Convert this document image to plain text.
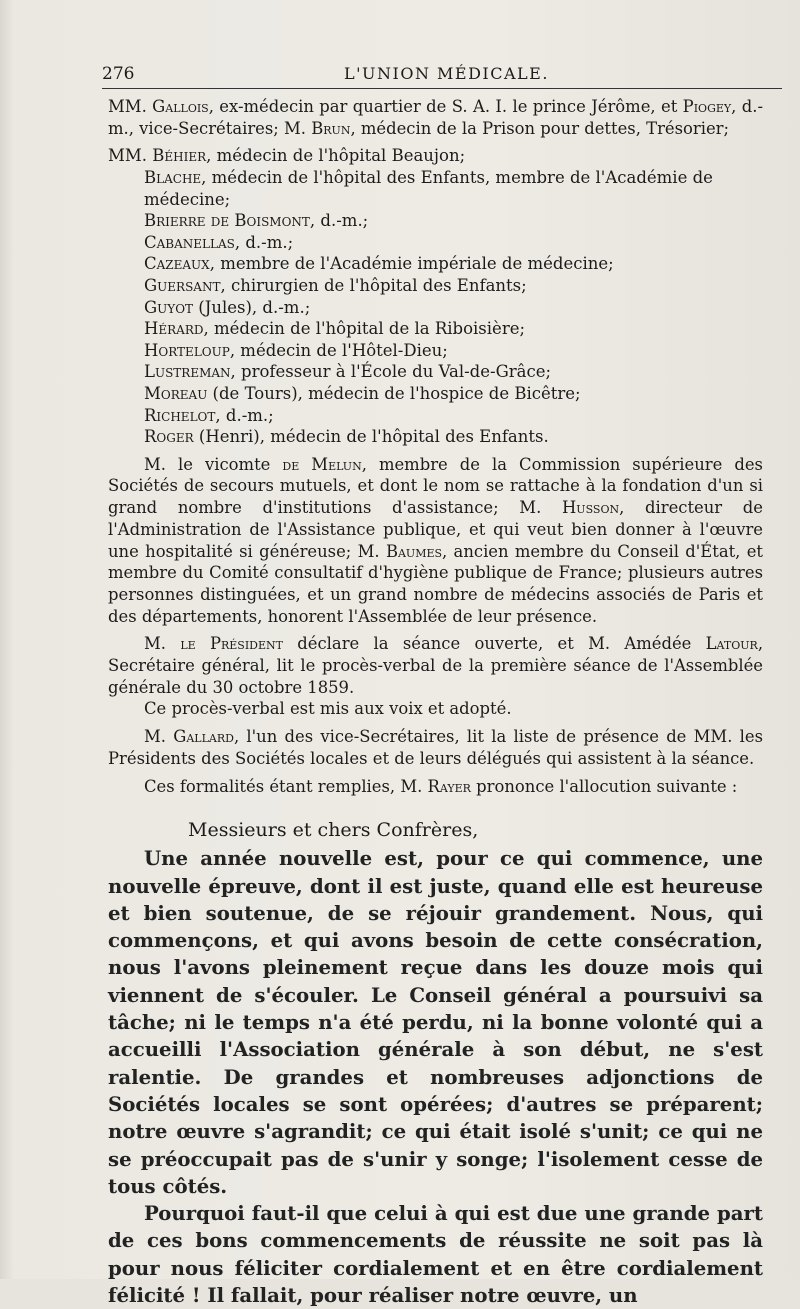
276	L'UNION MÉDICALE.

MM. Gallois, ex-médecin par quartier de S. A. I. le prince Jérôme, et Piogey, d.-m., vice-Secrétaires; M. Brun, médecin de la Prison pour dettes, Trésorier;

MM. Béhier, médecin de l'hôpital Beaujon;

Blache, médecin de l'hôpital des Enfants, membre de l'Académie de médecine;

Brierre de Boismont, d.-m.;

Cabanellas, d.-m.;

Cazeaux, membre de l'Académie impériale de médecine;

Guersant, chirurgien de l'hôpital des Enfants;

Guyot (Jules), d.-m.;

Hérard, médecin de l'hôpital de la Riboisière;

Horteloup, médecin de l'Hôtel-Dieu;

Lustreman, professeur à l'École du Val-de-Grâce;

Moreau (de Tours), médecin de l'hospice de Bicêtre;

Richelot, d.-m.;

Roger (Henri), médecin de l'hôpital des Enfants.

M. le vicomte de Melun, membre de la Commission supérieure des Sociétés de secours mutuels, et dont le nom se rattache à la fondation d'un si grand nombre d'institutions d'assistance; M. Husson, directeur de l'Administration de l'Assistance publique, et qui veut bien donner à l'œuvre une hospitalité si généreuse; M. Baumes, ancien membre du Conseil d'État, et membre du Comité consultatif d'hygiène publique de France; plusieurs autres personnes distinguées, et un grand nombre de médecins associés de Paris et des départements, honorent l'Assemblée de leur présence.

M. le Président déclare la séance ouverte, et M. Amédée Latour, Secrétaire général, lit le procès-verbal de la première séance de l'Assemblée générale du 30 octobre 1859.

Ce procès-verbal est mis aux voix et adopté.

M. Gallard, l'un des vice-Secrétaires, lit la liste de présence de MM. les Présidents des Sociétés locales et de leurs délégués qui assistent à la séance.

Ces formalités étant remplies, M. Rayer prononce l'allocution suivante :

Messieurs et chers Confrères,

Une année nouvelle est, pour ce qui commence, une nouvelle épreuve, dont il est juste, quand elle est heureuse et bien soutenue, de se réjouir grandement. Nous, qui commençons, et qui avons besoin de cette consécration, nous l'avons pleinement reçue dans les douze mois qui viennent de s'écouler. Le Conseil général a poursuivi sa tâche; ni le temps n'a été perdu, ni la bonne volonté qui a accueilli l'Association générale à son début, ne s'est ralentie. De grandes et nombreuses adjonctions de Sociétés locales se sont opérées; d'autres se préparent; notre œuvre s'agrandit; ce qui était isolé s'unit; ce qui ne se préoccupait pas de s'unir y songe; l'isolement cesse de tous côtés.

Pourquoi faut-il que celui à qui est due une grande part de ces bons commencements de réussite ne soit pas là pour nous féliciter cordialement et en être cordialement félicité ! Il fallait, pour réaliser notre œuvre, un
